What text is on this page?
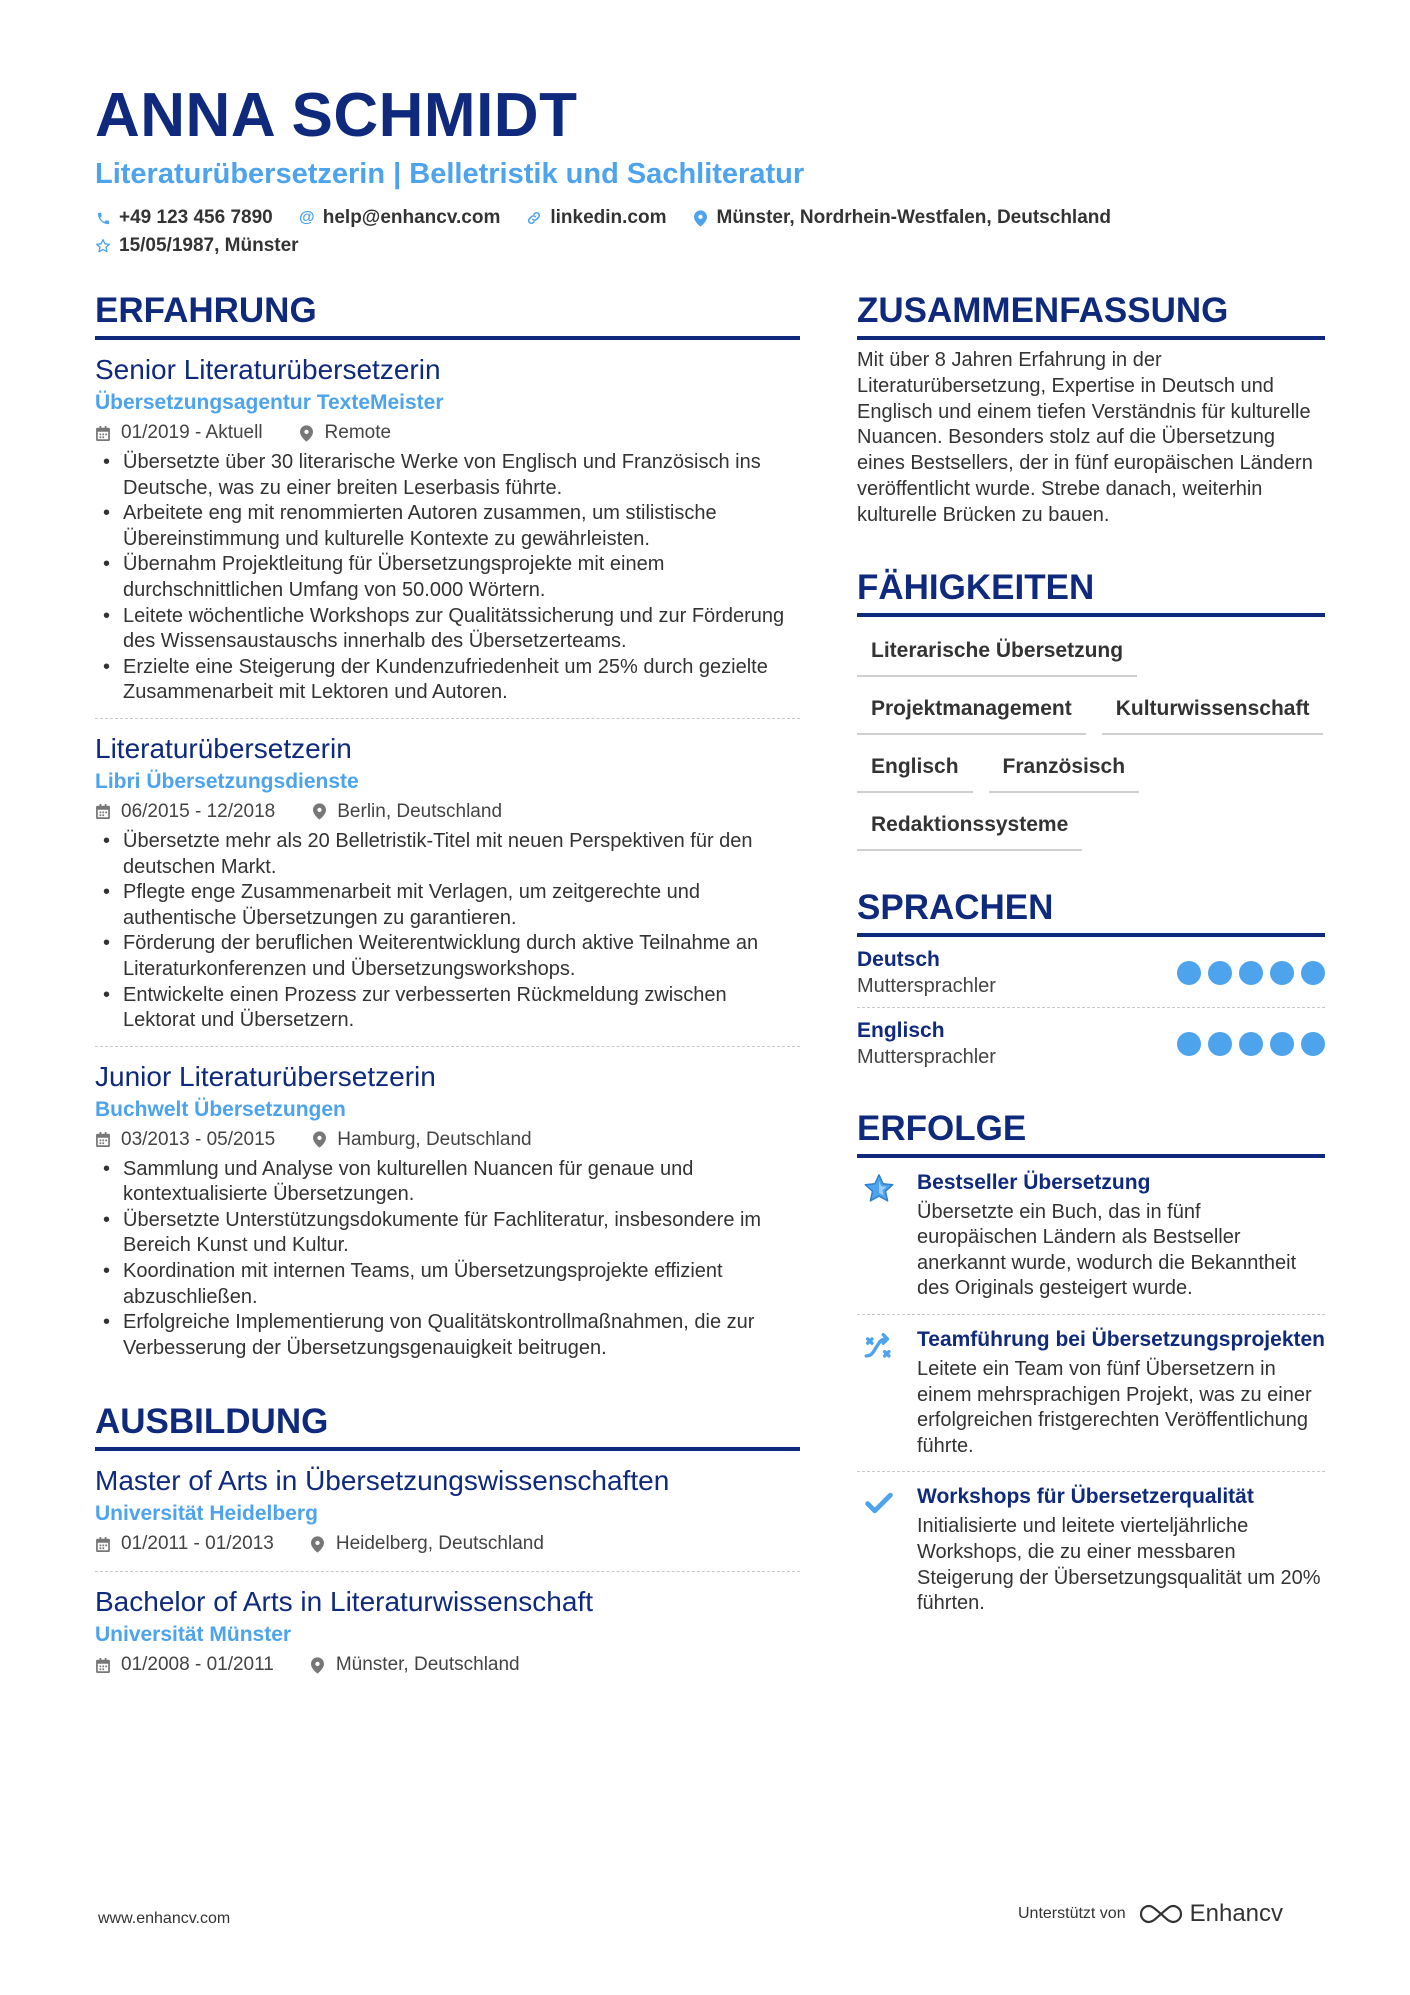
ANNA SCHMIDT
Literaturübersetzerin | Belletristik und Sachliteratur
+49 123 456 7890 @ help@enhancv.com	linkedin.com	Münster, Nordrhein-Westfalen, Deutschland
15/05/1987, Münster
ERFAHRUNG
Senior Literaturübersetzerin
Übersetzungsagentur TexteMeister
01/2019 - Aktuell	Remote
• Übersetzte über 30 literarische Werke von Englisch und Französisch ins Deutsche, was zu einer breiten Leserbasis führte.
• Arbeitete eng mit renommierten Autoren zusammen, um stilistische Übereinstimmung und kulturelle Kontexte zu gewährleisten.
• Übernahm Projektleitung für Übersetzungsprojekte mit einem durchschnittlichen Umfang von 50.000 Wörtern.
• Leitete wöchentliche Workshops zur Qualitätssicherung und zur Förderung des Wissensaustauschs innerhalb des Übersetzerteams.
• Erzielte eine Steigerung der Kundenzufriedenheit um 25% durch gezielte Zusammenarbeit mit Lektoren und Autoren.
Literaturübersetzerin
Libri Übersetzungsdienste
06/2015 - 12/2018	Berlin, Deutschland
• Übersetzte mehr als 20 Belletristik-Titel mit neuen Perspektiven für den deutschen Markt.
• Pflegte enge Zusammenarbeit mit Verlagen, um zeitgerechte und authentische Übersetzungen zu garantieren.
• Förderung der beruflichen Weiterentwicklung durch aktive Teilnahme an Literaturkonferenzen und Übersetzungsworkshops.
• Entwickelte einen Prozess zur verbesserten Rückmeldung zwischen Lektorat und Übersetzern.
Junior Literaturübersetzerin
Buchwelt Übersetzungen
03/2013 - 05/2015	Hamburg, Deutschland
• Sammlung und Analyse von kulturellen Nuancen für genaue und kontextualisierte Übersetzungen.
• Übersetzte Unterstützungsdokumente für Fachliteratur, insbesondere im Bereich Kunst und Kultur.
• Koordination mit internen Teams, um Übersetzungsprojekte effizient abzuschließen.
• Erfolgreiche Implementierung von Qualitätskontrollmaßnahmen, die zur Verbesserung der Übersetzungsgenauigkeit beitrugen.
AUSBILDUNG
Master of Arts in Übersetzungswissenschaften
Universität Heidelberg
01/2011 - 01/2013	Heidelberg, Deutschland
Bachelor of Arts in Literaturwissenschaft
Universität Münster
01/2008 - 01/2011	Münster, Deutschland
ZUSAMMENFASSUNG
Mit über 8 Jahren Erfahrung in der Literaturübersetzung, Expertise in Deutsch und Englisch und einem tiefen Verständnis für kulturelle Nuancen. Besonders stolz auf die Übersetzung eines Bestsellers, der in fünf europäischen Ländern veröffentlicht wurde. Strebe danach, weiterhin kulturelle Brücken zu bauen.
FÄHIGKEITEN
Literarische Übersetzung
Projektmanagement	Kulturwissenschaft
Englisch	Französisch
Redaktionssysteme
SPRACHEN
Deutsch
Muttersprachler
Englisch
Muttersprachler
ERFOLGE
Bestseller Übersetzung
Übersetzte ein Buch, das in fünf europäischen Ländern als Bestseller anerkannt wurde, wodurch die Bekanntheit des Originals gesteigert wurde.
Teamführung bei Übersetzungsprojekten
Leitete ein Team von fünf Übersetzern in einem mehrsprachigen Projekt, was zu einer erfolgreichen fristgerechten Veröffentlichung führte.
Workshops für Übersetzerqualität
Initialisierte und leitete vierteljährliche Workshops, die zu einer messbaren Steigerung der Übersetzungsqualität um 20% führten.
www.enhancv.com	Unterstützt von	Enhancv
